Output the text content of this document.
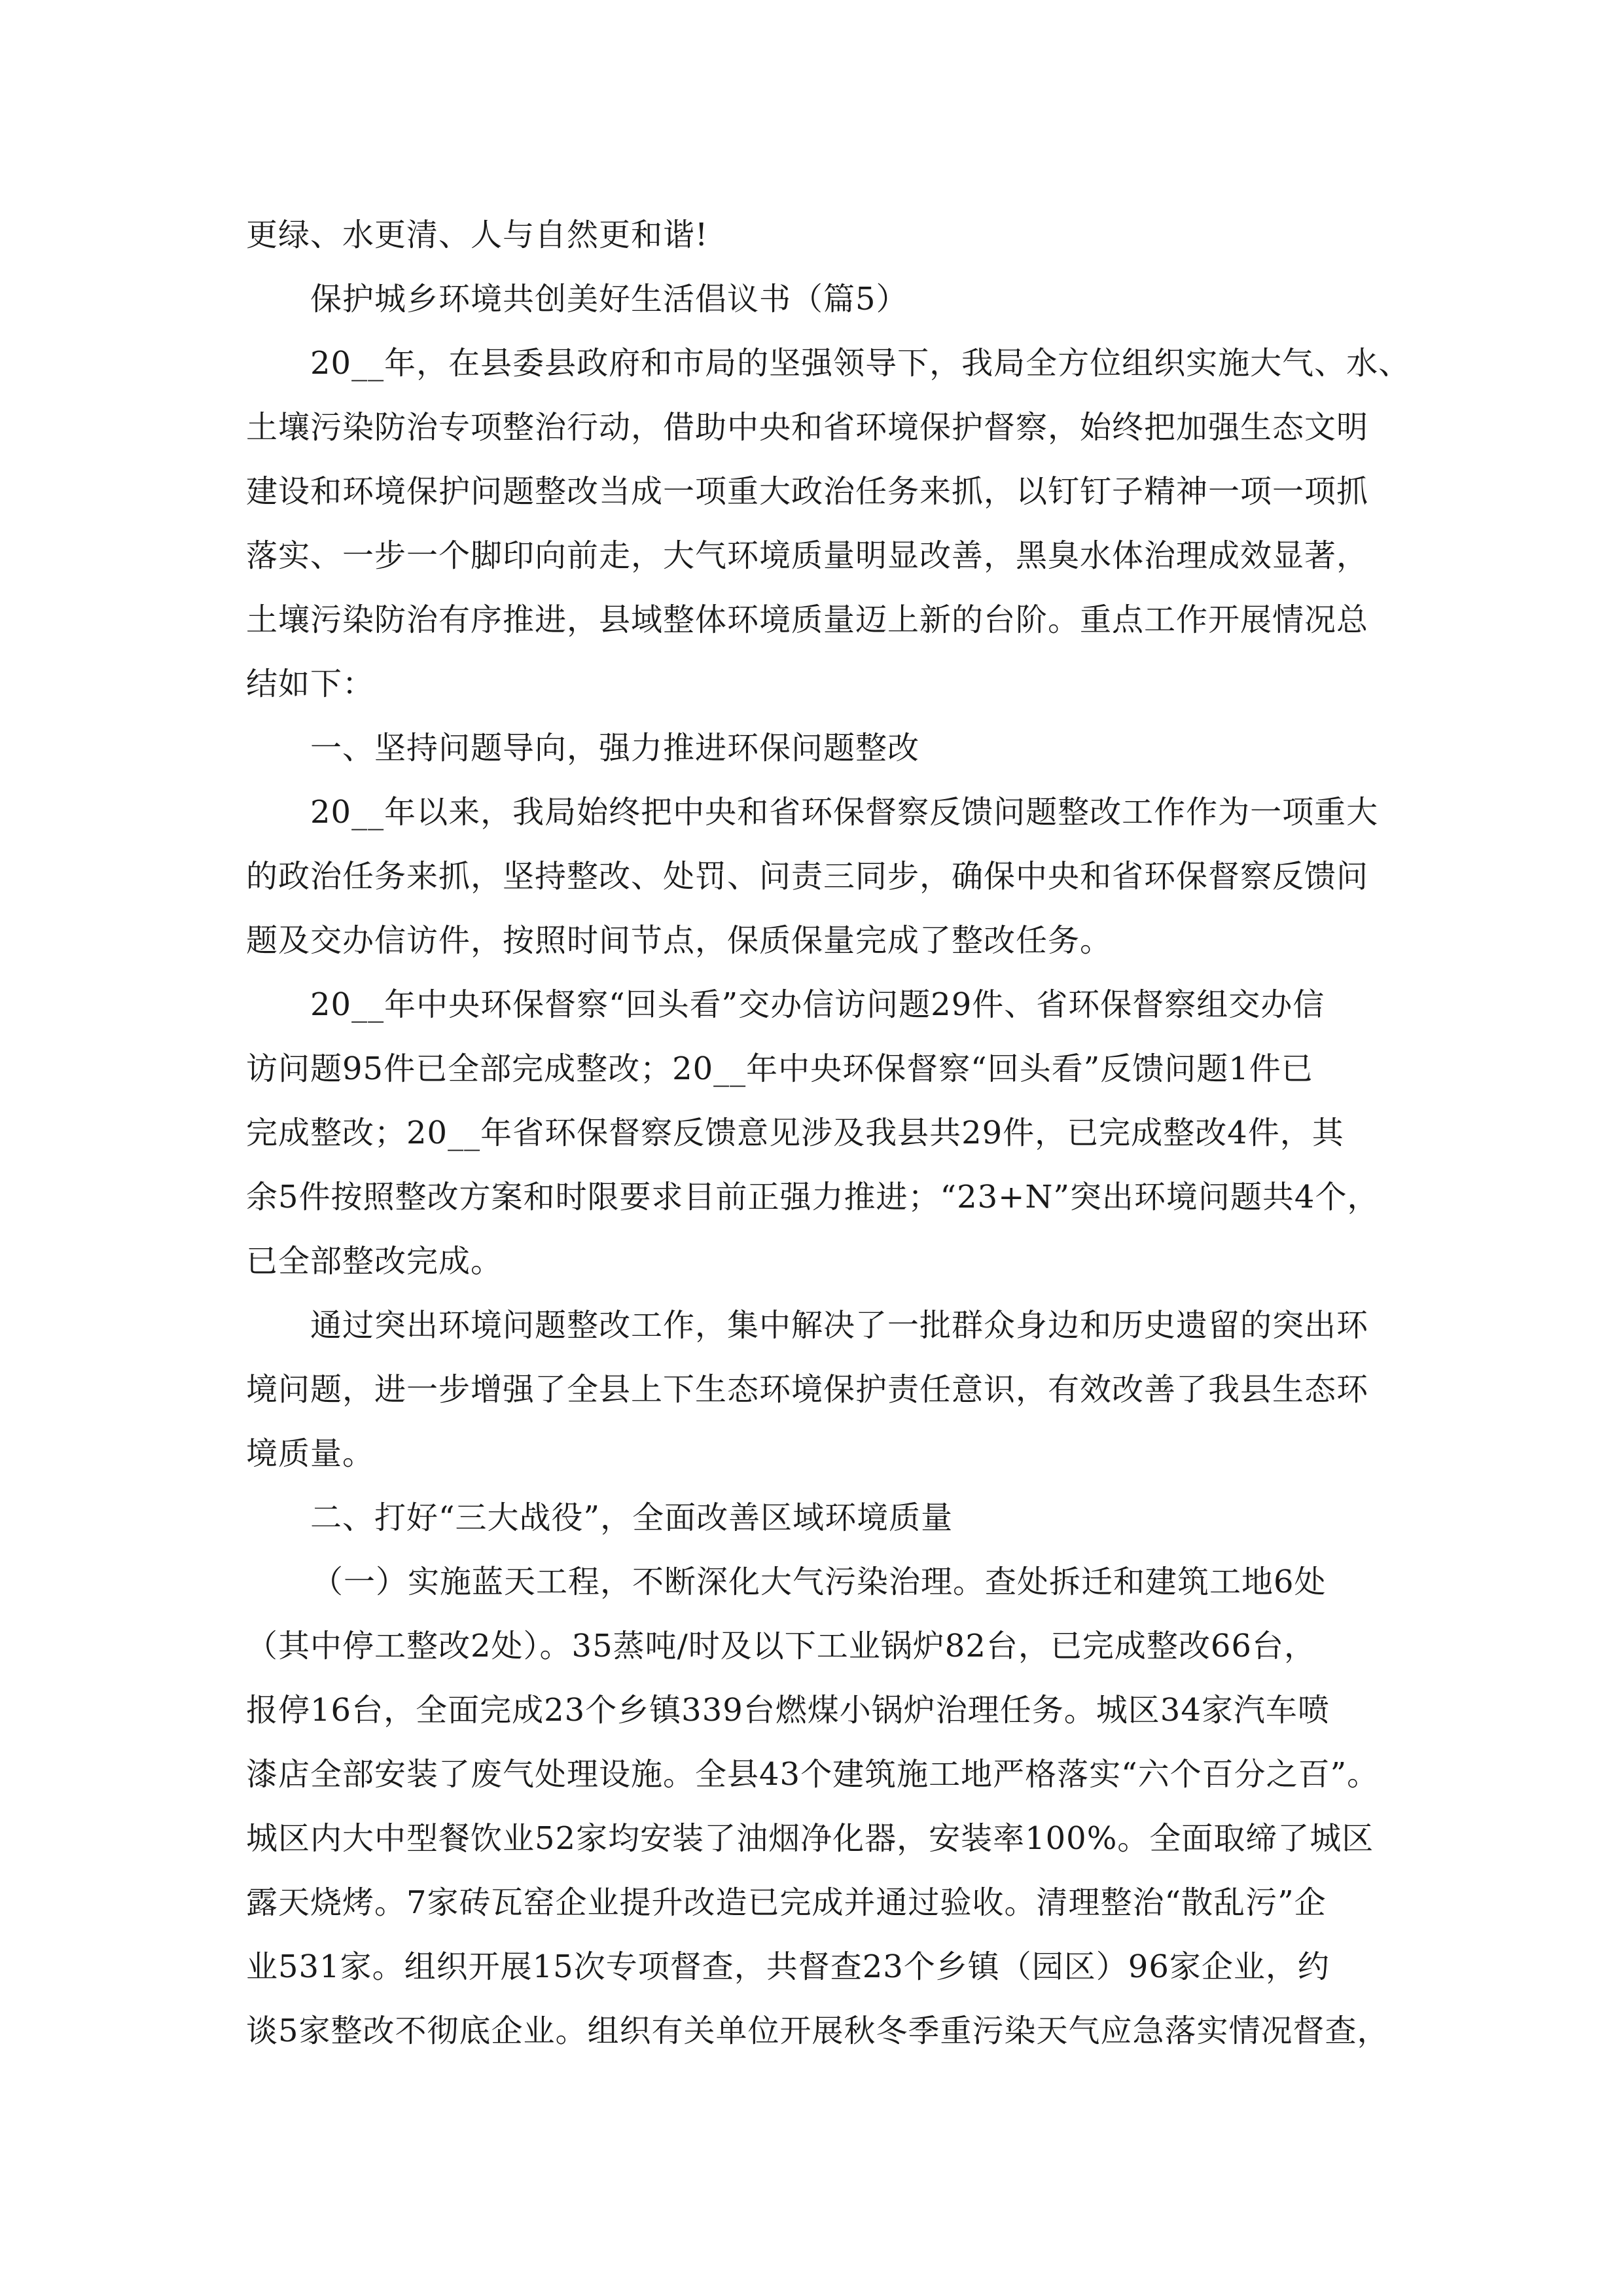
更绿、水更清、人与自然更和谐!

保护城乡环境共创美好生活倡议书（篇5）

20__年，在县委县政府和市局的坚强领导下，我局全方位组织实施大气、水、

土壤污染防治专项整治行动，借助中央和省环境保护督察，始终把加强生态文明

建设和环境保护问题整改当成一项重大政治任务来抓，以钉钉子精神一项一项抓

落实、一步一个脚印向前走，大气环境质量明显改善，黑臭水体治理成效显著，

土壤污染防治有序推进，县域整体环境质量迈上新的台阶。重点工作开展情况总

结如下：

一、坚持问题导向，强力推进环保问题整改

20__年以来，我局始终把中央和省环保督察反馈问题整改工作作为一项重大

的政治任务来抓，坚持整改、处罚、问责三同步，确保中央和省环保督察反馈问

题及交办信访件，按照时间节点，保质保量完成了整改任务。

20__年中央环保督察“回头看”交办信访问题29件、省环保督察组交办信

访问题95件已全部完成整改；20__年中央环保督察“回头看”反馈问题1件已

完成整改；20__年省环保督察反馈意见涉及我县共29件，已完成整改4件，其

余5件按照整改方案和时限要求目前正强力推进；“23+N”突出环境问题共4个，

已全部整改完成。

通过突出环境问题整改工作，集中解决了一批群众身边和历史遗留的突出环

境问题，进一步增强了全县上下生态环境保护责任意识，有效改善了我县生态环

境质量。

二、打好“三大战役”，全面改善区域环境质量

（一）实施蓝天工程，不断深化大气污染治理。查处拆迁和建筑工地6处

（其中停工整改2处）。35蒸吨/时及以下工业锅炉82台，已完成整改66台，

报停16台，全面完成23个乡镇339台燃煤小锅炉治理任务。城区34家汽车喷

漆店全部安装了废气处理设施。全县43个建筑施工地严格落实“六个百分之百”。

城区内大中型餐饮业52家均安装了油烟净化器，安装率100%。全面取缔了城区

露天烧烤。7家砖瓦窑企业提升改造已完成并通过验收。清理整治“散乱污”企

业531家。组织开展15次专项督查，共督查23个乡镇（园区）96家企业，约

谈5家整改不彻底企业。组织有关单位开展秋冬季重污染天气应急落实情况督查，
